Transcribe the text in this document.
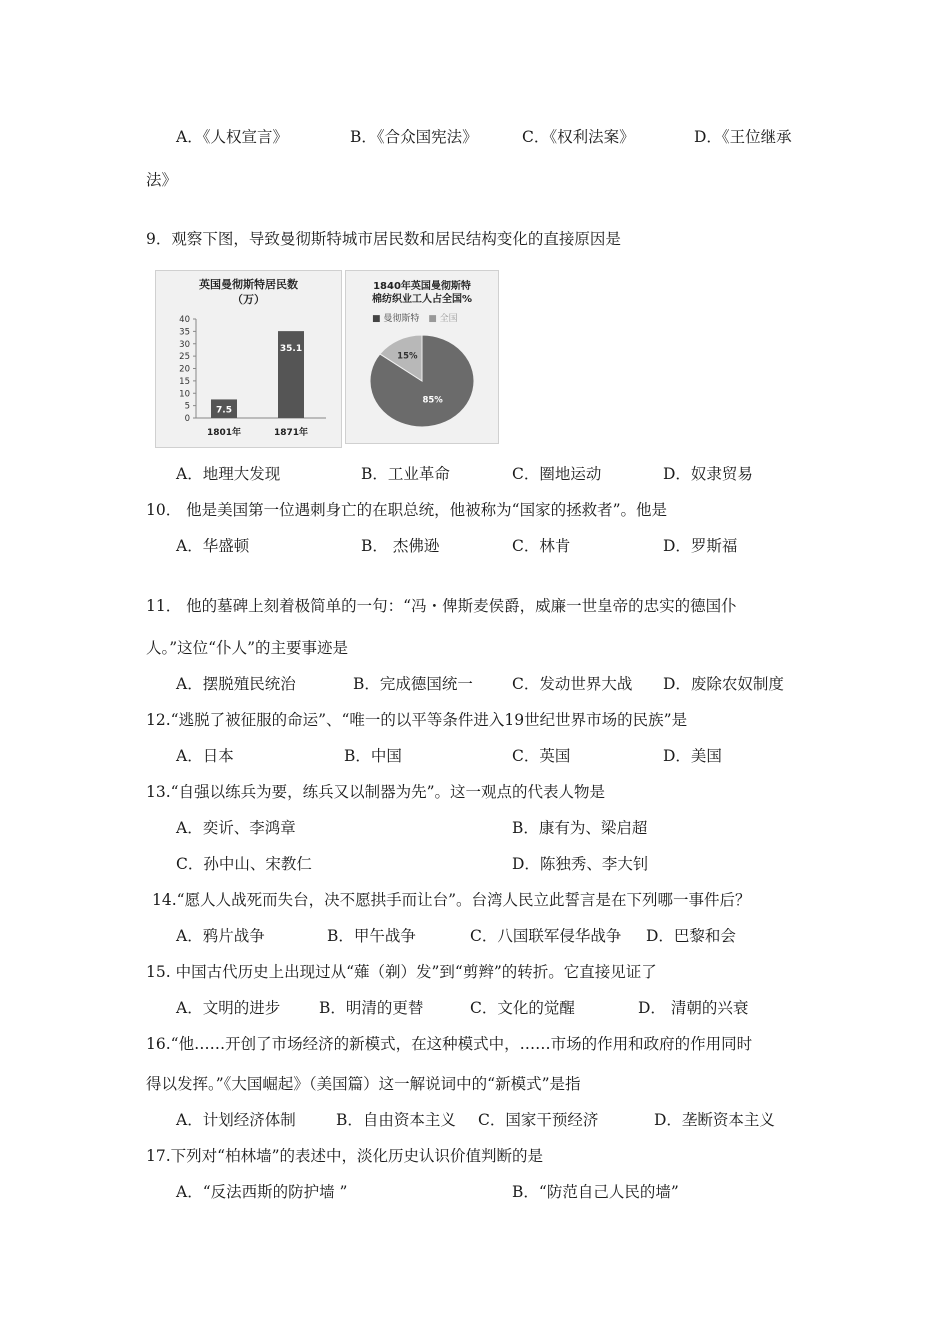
A．《人权宣言》	B．《合众国宪法》	C．《权利法案》	D．《王位继承
法》
9．观察下图，导致曼彻斯特城市居民数和居民结构变化的直接原因是
英国曼彻斯特居民数
（万）
0
5
10
15
20
25
30
35
40
7.5
1801年
35.1
1871年
1840年英国曼彻斯特
棉纺织业工人占全国%
■ 曼彻斯特 ■ 全国
85%
15%
A．地理大发现	B．工业革命	C．圈地运动	D．奴隶贸易
10． 他是美国第一位遇刺身亡的在职总统，他被称为“国家的拯救者”。他是
A．华盛顿	B． 杰佛逊	C．林肯	D．罗斯福
11． 他的墓碑上刻着极简单的一句：“冯・俾斯麦侯爵，威廉一世皇帝的忠实的德国仆
人。”这位“仆人”的主要事迹是
A．摆脱殖民统治	B．完成德国统一	C．发动世界大战 D．废除农奴制度
12.“逃脱了被征服的命运”、“唯一的以平等条件进入19世纪世界市场的民族”是
A．日本	B．中国	C．英国	D．美国
13.“自强以练兵为要，练兵又以制器为先”。这一观点的代表人物是
A．奕䜣、李鸿章	B．康有为、梁启超
C．孙中山、宋教仁	D．陈独秀、李大钊
14.“愿人人战死而失台，决不愿拱手而让台”。台湾人民立此誓言是在下列哪一事件后？
A．鸦片战争	B．甲午战争	C．八国联军侵华战争 D．巴黎和会
15. 中国古代历史上出现过从“薙（剃）发”到“剪辫”的转折。它直接见证了
A．文明的进步	B．明清的更替	C．文化的觉醒	D． 清朝的兴衰
16.“他……开创了市场经济的新模式，在这种模式中，……市场的作用和政府的作用同时
得以发挥。”《大国崛起》（美国篇）这一解说词中的“新模式”是指
A．计划经济体制	B．自由资本主义 C．国家干预经济	D．垄断资本主义
17.下列对“柏林墙”的表述中，淡化历史认识价值判断的是
A．“反法西斯的防护墙 ”	B．“防范自己人民的墙”
